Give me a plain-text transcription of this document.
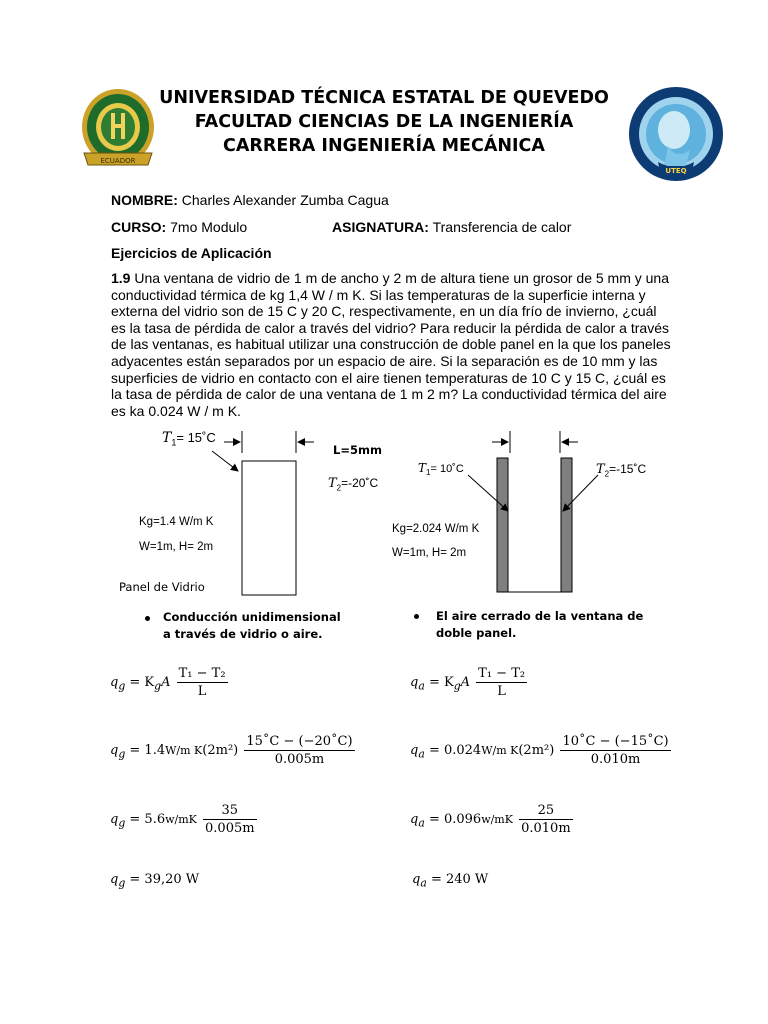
ECUADOR
UNIVERSIDAD TÉCNICA ESTATAL DE QUEVEDO
FACULTAD CIENCIAS DE LA INGENIERÍA
CARRERA INGENIERÍA MECÁNICA
UTEQ
NOMBRE: Charles Alexander Zumba Cagua
CURSO: 7mo Modulo	ASIGNATURA: Transferencia de calor
Ejercicios de Aplicación
1.9 Una ventana de vidrio de 1 m de ancho y 2 m de altura tiene un grosor de 5 mm y una conductividad térmica de kg 1,4 W / m K. Si las temperaturas de la superficie interna y externa del vidrio son de 15 C y 20 C, respectivamente, en un día frío de invierno, ¿cuál es la tasa de pérdida de calor a través del vidrio? Para reducir la pérdida de calor a través de las ventanas, es habitual utilizar una construcción de doble panel en la que los paneles adyacentes están separados por un espacio de aire. Si la separación es de 10 mm y las superficies de vidrio en contacto con el aire tienen temperaturas de 10 C y 15 C, ¿cuál es la tasa de pérdida de calor de una ventana de 1 m 2 m? La conductividad térmica del aire es ka 0.024 W / m K.
$T_1=$ 15˚C
L=5mm
$T_2=-20˚C$
Kg=1.4 W/m K
W=1m, H= 2m
Panel de Vidrio
$T_1=$ 10˚C	$T_2=-15˚C$
Kg=2.024 W/m K
W=1m, H= 2m
Conducción unidimensional
a través de vidrio o aire.
El aire cerrado de la ventana de
doble panel.
$q_g = K_gA \frac{\text{T₁ − T₂}}{L}$
$q_g = 1.4W/m$ $K(2m^2) \frac{15˚C - (-20˚C)}{0.005m}$
$q_g = 5.6w/mK \frac{35}{0.005m}$
$q_g = 39,20$ W
$q_a = K_gA \frac{\text{T₁ − T₂}}{L}$
$q_a = 0.024W/m$ $K(2m^2) \frac{10˚C - (-15˚C)}{0.010m}$
$q_a = 0.096w/mK \frac{25}{0.010m}$
$q_a = 240$ W
